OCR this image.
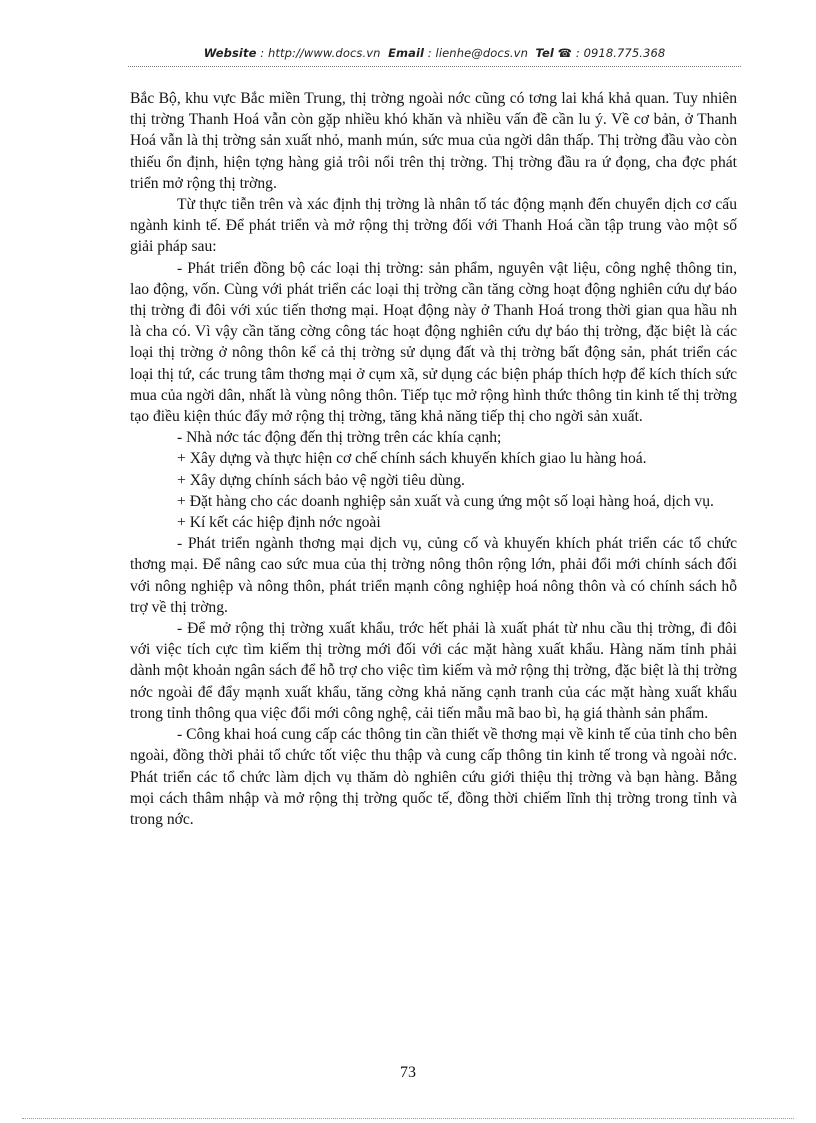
Website : http://www.docs.vn Email : lienhe@docs.vn Tel ☎ : 0918.775.368

Bắc Bộ, khu vực Bắc miền Trung, thị trờng ngoài nớc cũng có tơng lai khá khả quan. Tuy nhiên thị trờng Thanh Hoá vẫn còn gặp nhiều khó khăn và nhiều vấn đề cần lu ý. Về cơ bản, ở Thanh Hoá vẫn là thị trờng sản xuất nhỏ, manh mún, sức mua của ngời dân thấp. Thị trờng đầu vào còn thiếu ổn định, hiện tợng hàng giả trôi nổi trên thị trờng. Thị trờng đầu ra ứ đọng, cha đợc phát triển mở rộng thị trờng.

Từ thực tiễn trên và xác định thị trờng là nhân tố tác động mạnh đến chuyển dịch cơ cấu ngành kinh tế. Để phát triển và mở rộng thị trờng đối với Thanh Hoá cần tập trung vào một số giải pháp sau:

- Phát triển đồng bộ các loại thị trờng: sản phẩm, nguyên vật liệu, công nghệ thông tin, lao động, vốn. Cùng với phát triển các loại thị trờng cần tăng cờng hoạt động nghiên cứu dự báo thị trờng đi đôi với xúc tiến thơng mại. Hoạt động này ở Thanh Hoá trong thời gian qua hầu nh là cha có. Vì vậy cần tăng cờng công tác hoạt động nghiên cứu dự báo thị trờng, đặc biệt là các loại thị trờng ở nông thôn kể cả thị trờng sử dụng đất và thị trờng bất động sản, phát triển các loại thị tứ, các trung tâm thơng mại ở cụm xã, sử dụng các biện pháp thích hợp để kích thích sức mua của ngời dân, nhất là vùng nông thôn. Tiếp tục mở rộng hình thức thông tin kinh tế thị trờng tạo điều kiện thúc đẩy mở rộng thị trờng, tăng khả năng tiếp thị cho ngời sản xuất.

- Nhà nớc tác động đến thị trờng trên các khía cạnh;

+ Xây dựng và thực hiện cơ chế chính sách khuyến khích giao lu hàng hoá.

+ Xây dựng chính sách bảo vệ ngời tiêu dùng.

+ Đặt hàng cho các doanh nghiệp sản xuất và cung ứng một số loại hàng hoá, dịch vụ.

+ Kí kết các hiệp định nớc ngoài

- Phát triển ngành thơng mại dịch vụ, củng cố và khuyến khích phát triển các tổ chức thơng mại. Để nâng cao sức mua của thị trờng nông thôn rộng lớn, phải đổi mới chính sách đối với nông nghiệp và nông thôn, phát triển mạnh công nghiệp hoá nông thôn và có chính sách hỗ trợ về thị trờng.

- Để mở rộng thị trờng xuất khẩu, trớc hết phải là xuất phát từ nhu cầu thị trờng, đi đôi với việc tích cực tìm kiếm thị trờng mới đối với các mặt hàng xuất khẩu. Hàng năm tỉnh phải dành một khoản ngân sách để hỗ trợ cho việc tìm kiếm và mở rộng thị trờng, đặc biệt là thị trờng nớc ngoài để đẩy mạnh xuất khẩu, tăng cờng khả năng cạnh tranh của các mặt hàng xuất khẩu trong tỉnh thông qua việc đổi mới công nghệ, cải tiến mẫu mã bao bì, hạ giá thành sản phẩm.

- Công khai hoá cung cấp các thông tin cần thiết về thơng mại về kinh tế của tỉnh cho bên ngoài, đồng thời phải tổ chức tốt việc thu thập và cung cấp thông tin kinh tế trong và ngoài nớc. Phát triển các tổ chức làm dịch vụ thăm dò nghiên cứu giới thiệu thị trờng và bạn hàng. Bằng mọi cách thâm nhập và mở rộng thị trờng quốc tế, đồng thời chiếm lĩnh thị trờng trong tỉnh và trong nớc.

73
